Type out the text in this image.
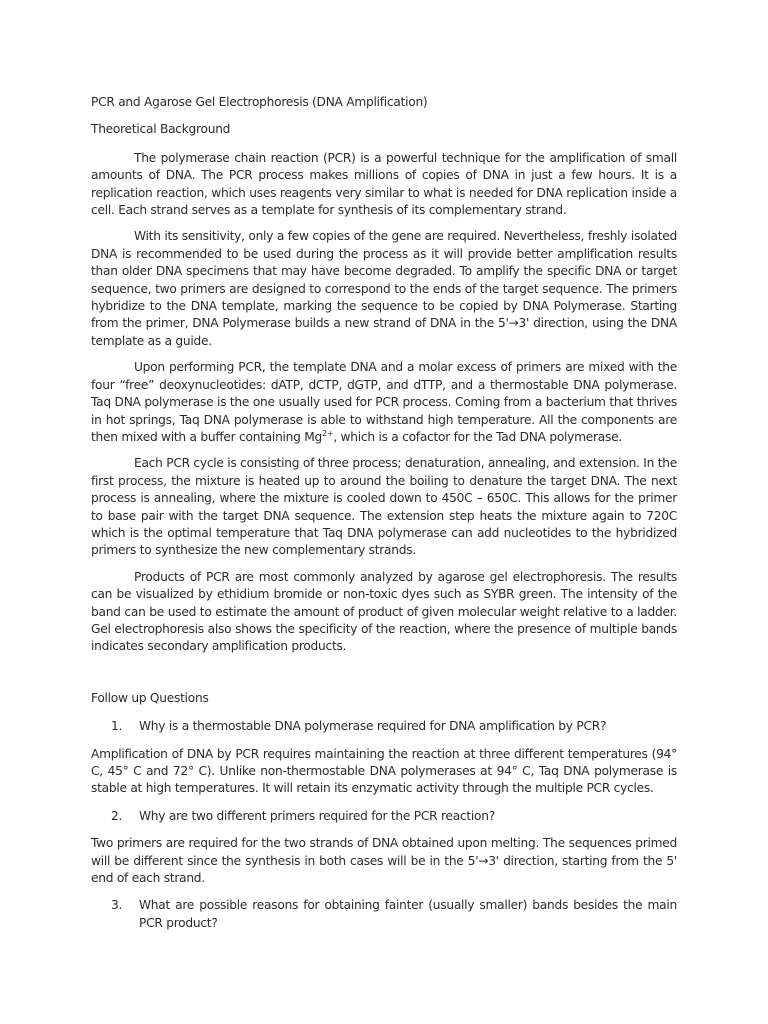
PCR and Agarose Gel Electrophoresis (DNA Amplification)
Theoretical Background

The polymerase chain reaction (PCR) is a powerful technique for the amplification of small amounts of DNA. The PCR process makes millions of copies of DNA in just a few hours. It is a replication reaction, which uses reagents very similar to what is needed for DNA replication inside a cell. Each strand serves as a template for synthesis of its complementary strand.

With its sensitivity, only a few copies of the gene are required. Nevertheless, freshly isolated DNA is recommended to be used during the process as it will provide better amplification results than older DNA specimens that may have become degraded. To amplify the specific DNA or target sequence, two primers are designed to correspond to the ends of the target sequence. The primers hybridize to the DNA template, marking the sequence to be copied by DNA Polymerase. Starting from the primer, DNA Polymerase builds a new strand of DNA in the 5'→3' direction, using the DNA template as a guide.

Upon performing PCR, the template DNA and a molar excess of primers are mixed with the four “free” deoxynucleotides: dATP, dCTP, dGTP, and dTTP, and a thermostable DNA polymerase. Taq DNA polymerase is the one usually used for PCR process. Coming from a bacterium that thrives in hot springs, Taq DNA polymerase is able to withstand high temperature. All the components are then mixed with a buffer containing $Mg^{2+}$, which is a cofactor for the Tad DNA polymerase.

Each PCR cycle is consisting of three process; denaturation, annealing, and extension. In the first process, the mixture is heated up to around the boiling to denature the target DNA. The next process is annealing, where the mixture is cooled down to 450C – 650C. This allows for the primer to base pair with the target DNA sequence. The extension step heats the mixture again to 720C which is the optimal temperature that Taq DNA polymerase can add nucleotides to the hybridized primers to synthesize the new complementary strands.

Products of PCR are most commonly analyzed by agarose gel electrophoresis. The results can be visualized by ethidium bromide or non-toxic dyes such as SYBR green. The intensity of the band can be used to estimate the amount of product of given molecular weight relative to a ladder. Gel electrophoresis also shows the specificity of the reaction, where the presence of multiple bands indicates secondary amplification products.

Follow up Questions
1.	Why is a thermostable DNA polymerase required for DNA amplification by PCR?

Amplification of DNA by PCR requires maintaining the reaction at three different temperatures (94° C, 45° C and 72° C). Unlike non-thermostable DNA polymerases at 94° C, Taq DNA polymerase is stable at high temperatures. It will retain its enzymatic activity through the multiple PCR cycles.

2.	Why are two different primers required for the PCR reaction?

Two primers are required for the two strands of DNA obtained upon melting. The sequences primed will be different since the synthesis in both cases will be in the 5'→3' direction, starting from the 5' end of each strand.

3.	What are possible reasons for obtaining fainter (usually smaller) bands besides the main PCR product?
